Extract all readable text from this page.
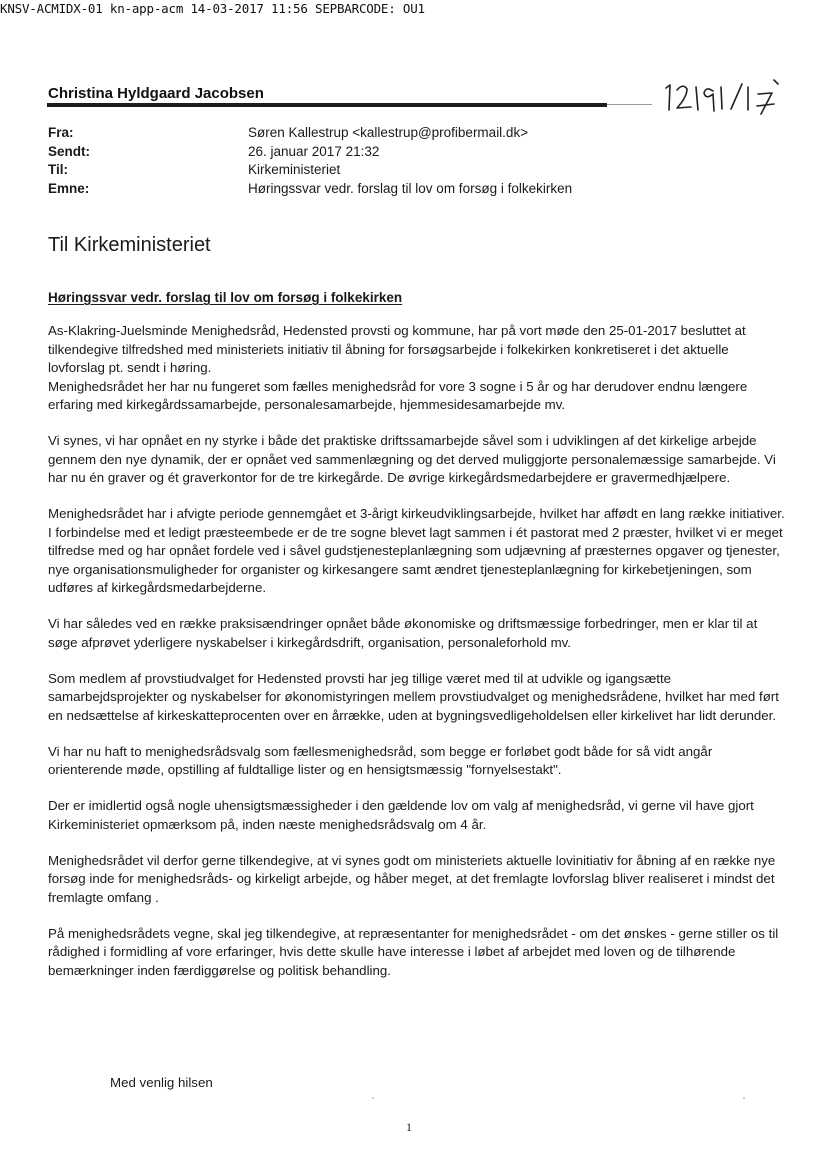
KNSV-ACMIDX-01 kn-app-acm 14-03-2017 11:56 SEPBARCODE: OU1
Christina Hyldgaard Jacobsen
Fra:	Søren Kallestrup <kallestrup@profibermail.dk>
Sendt:	26. januar 2017 21:32
Til:	Kirkeministeriet
Emne:	Høringssvar vedr. forslag til lov om forsøg i folkekirken
Til Kirkeministeriet
Høringssvar vedr. forslag til lov om forsøg i folkekirken

As-Klakring-Juelsminde Menighedsråd, Hedensted provsti og kommune, har på vort møde den 25-01-2017 besluttet at tilkendegive tilfredshed med ministeriets initiativ til åbning for forsøgsarbejde i folkekirken konkretiseret i det aktuelle lovforslag pt. sendt i høring.
Menighedsrådet her har nu fungeret som fælles menighedsråd for vore 3 sogne i 5 år og har derudover endnu længere erfaring med kirkegårdssamarbejde, personalesamarbejde, hjemmesidesamarbejde mv.

Vi synes, vi har opnået en ny styrke i både det praktiske driftssamarbejde såvel som i udviklingen af det kirkelige arbejde gennem den nye dynamik, der er opnået ved sammenlægning og det derved muliggjorte personalemæssige samarbejde. Vi har nu én graver og ét graverkontor for de tre kirkegårde. De øvrige kirkegårdsmedarbejdere er gravermedhjælpere.

Menighedsrådet har i afvigte periode gennemgået et 3-årigt kirkeudviklingsarbejde, hvilket har affødt en lang række initiativer. I forbindelse med et ledigt præsteembede er de tre sogne blevet lagt sammen i ét pastorat med 2 præster, hvilket vi er meget tilfredse med og har opnået fordele ved i såvel gudstjenesteplanlægning som udjævning af præsternes opgaver og tjenester, nye organisationsmuligheder for organister og kirkesangere samt ændret tjenesteplanlægning for kirkebetjeningen, som udføres af kirkegårdsmedarbejderne.

Vi har således ved en række praksisændringer opnået både økonomiske og driftsmæssige forbedringer, men er klar til at søge afprøvet yderligere nyskabelser i kirkegårdsdrift, organisation, personaleforhold mv.

Som medlem af provstiudvalget for Hedensted provsti har jeg tillige været med til at udvikle og igangsætte samarbejdsprojekter og nyskabelser for økonomistyringen mellem provstiudvalget og menighedsrådene, hvilket har med ført en nedsættelse af kirkeskatteprocenten over en årrække, uden at bygningsvedligeholdelsen eller kirkelivet har lidt derunder.

Vi har nu haft to menighedsrådsvalg som fællesmenighedsråd, som begge er forløbet godt både for så vidt angår orienterende møde, opstilling af fuldtallige lister og en hensigtsmæssig "fornyelsestakt".

Der er imidlertid også nogle uhensigtsmæssigheder i den gældende lov om valg af menighedsråd, vi gerne vil have gjort Kirkeministeriet opmærksom på, inden næste menighedsrådsvalg om 4 år.

Menighedsrådet vil derfor gerne tilkendegive, at vi synes godt om ministeriets aktuelle lovinitiativ for åbning af en række nye forsøg inde for menighedsråds- og kirkeligt arbejde, og håber meget, at det fremlagte lovforslag bliver realiseret i mindst det fremlagte omfang .

På menighedsrådets vegne, skal jeg tilkendegive, at repræsentanter for menighedsrådet - om det ønskes - gerne stiller os til rådighed i formidling af vore erfaringer, hvis dette skulle have interesse i løbet af arbejdet med loven og de tilhørende bemærkninger inden færdiggørelse og politisk behandling.

Med venlig hilsen
1
